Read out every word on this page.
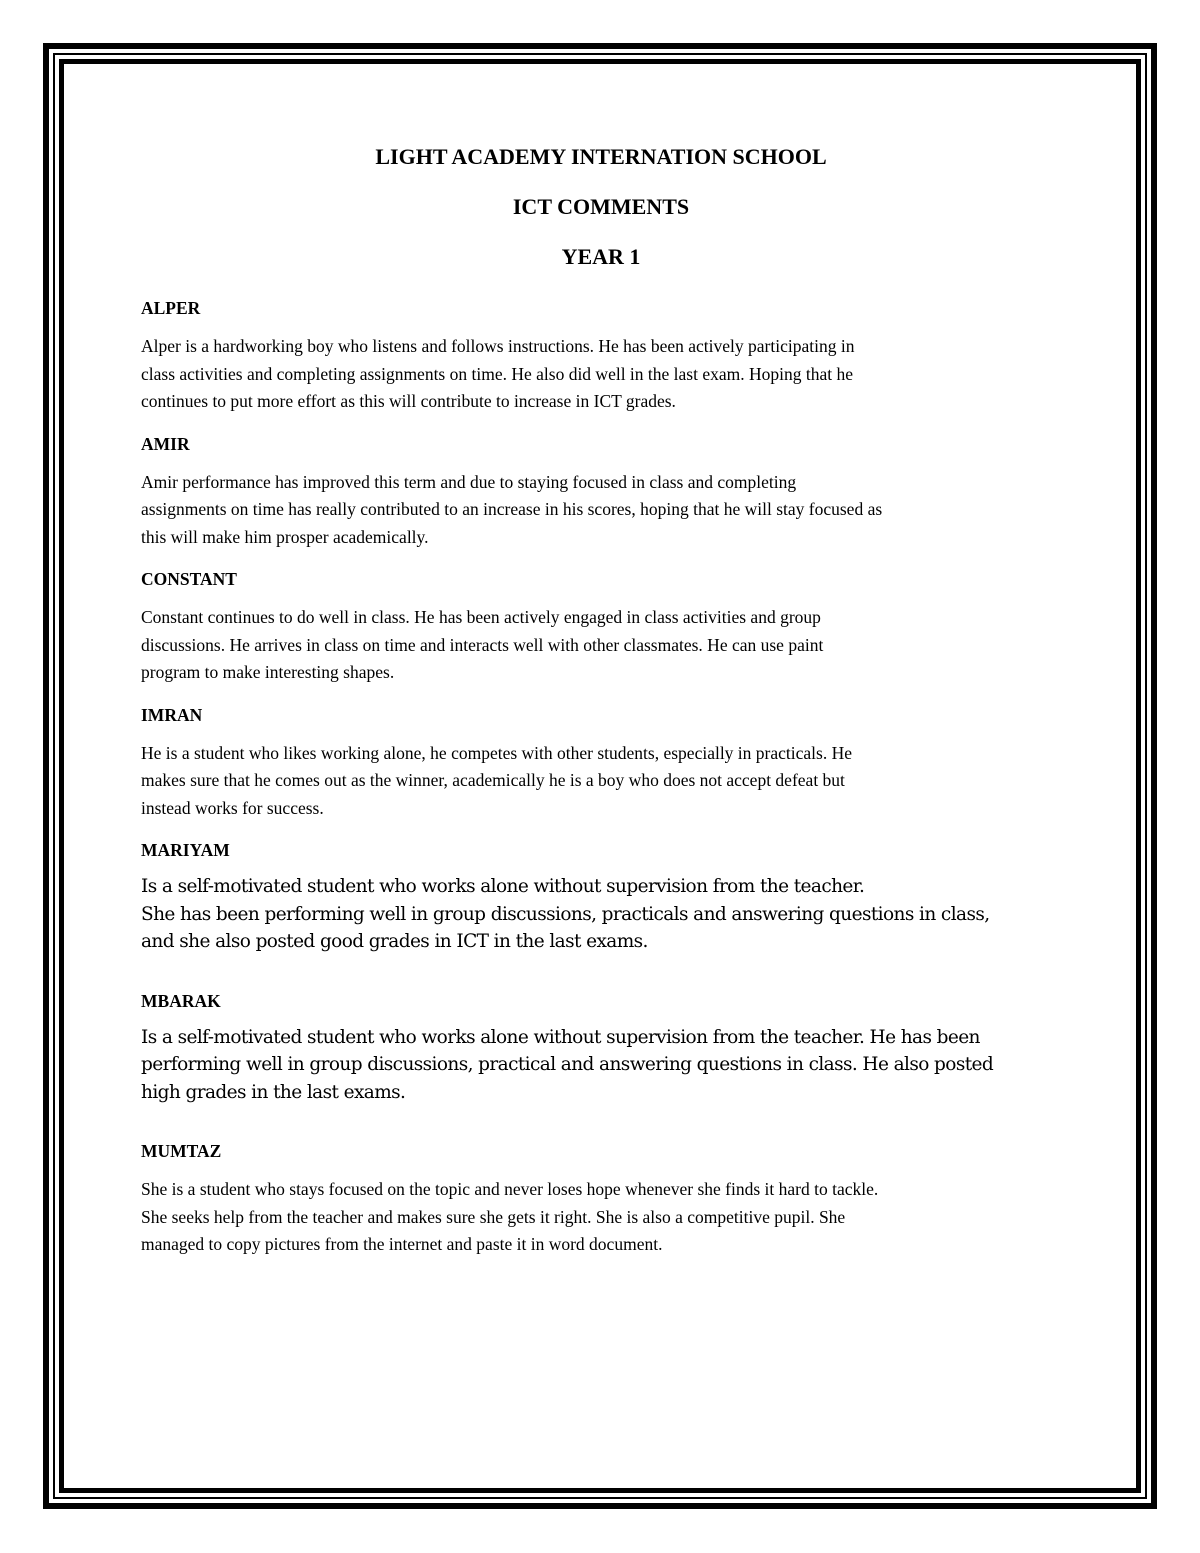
LIGHT ACADEMY INTERNATION SCHOOL

ICT COMMENTS

YEAR 1

ALPER

Alper is a hardworking boy who listens and follows instructions. He has been actively participating in
class activities and completing assignments on time. He also did well in the last exam. Hoping that he
continues to put more effort as this will contribute to increase in ICT grades.

AMIR

Amir performance has improved this term and due to staying focused in class and completing
assignments on time has really contributed to an increase in his scores, hoping that he will stay focused as
this will make him prosper academically.

CONSTANT

Constant continues to do well in class. He has been actively engaged in class activities and group
discussions. He arrives in class on time and interacts well with other classmates. He can use paint
program to make interesting shapes.

IMRAN

He is a student who likes working alone, he competes with other students, especially in practicals. He
makes sure that he comes out as the winner, academically he is a boy who does not accept defeat but
instead works for success.

MARIYAM

Is a self-motivated student who works alone without supervision from the teacher.
She has been performing well in group discussions, practicals and answering questions in class,
and she also posted good grades in ICT in the last exams.

MBARAK

Is a self-motivated student who works alone without supervision from the teacher. He has been
performing well in group discussions, practical and answering questions in class. He also posted
high grades in the last exams.

MUMTAZ

She is a student who stays focused on the topic and never loses hope whenever she finds it hard to tackle.
She seeks help from the teacher and makes sure she gets it right. She is also a competitive pupil. She
managed to copy pictures from the internet and paste it in word document.
